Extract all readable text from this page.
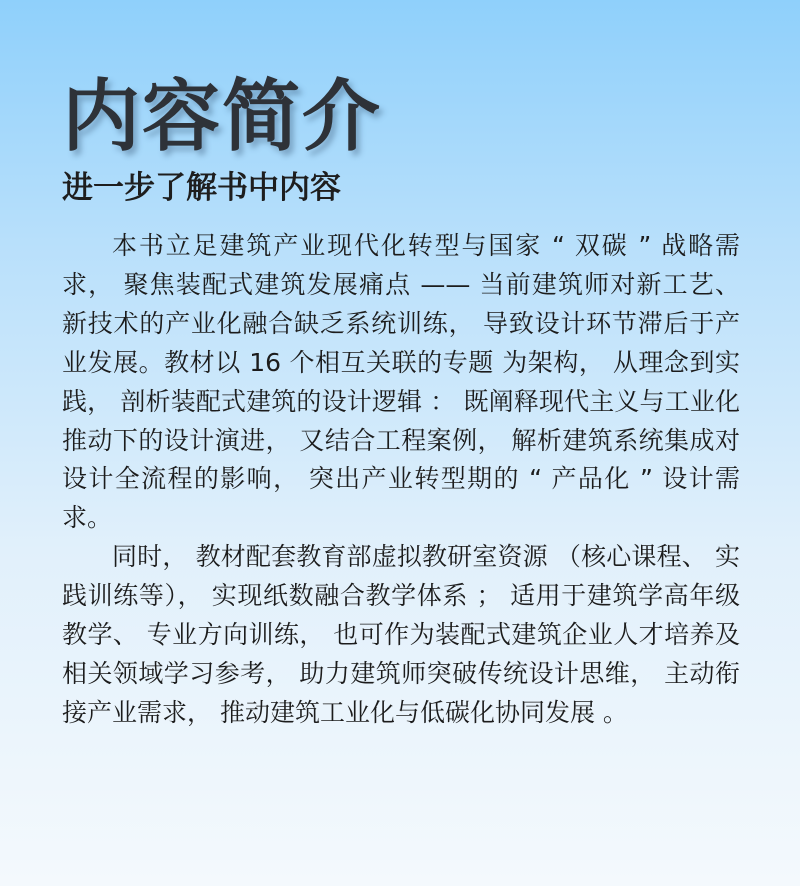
内容简介
进一步了解书中内容

本书立足建筑产业现代化转型与国家 “ 双碳 ” 战略需求， 聚焦装配式建筑发展痛点 —— 当前建筑师对新工艺、 新技术的产业化融合缺乏系统训练， 导致设计环节滞后于产业发展。教材以 16 个相互关联的专题 为架构， 从理念到实践， 剖析装配式建筑的设计逻辑 ： 既阐释现代主义与工业化推动下的设计演进， 又结合工程案例， 解析建筑系统集成对设计全流程的影响， 突出产业转型期的 “ 产品化 ” 设计需求。

同时， 教材配套教育部虚拟教研室资源 （核心课程、 实践训练等）， 实现纸数融合教学体系 ； 适用于建筑学高年级教学、 专业方向训练， 也可作为装配式建筑企业人才培养及相关领域学习参考， 助力建筑师突破传统设计思维， 主动衔接产业需求， 推动建筑工业化与低碳化协同发展 。
